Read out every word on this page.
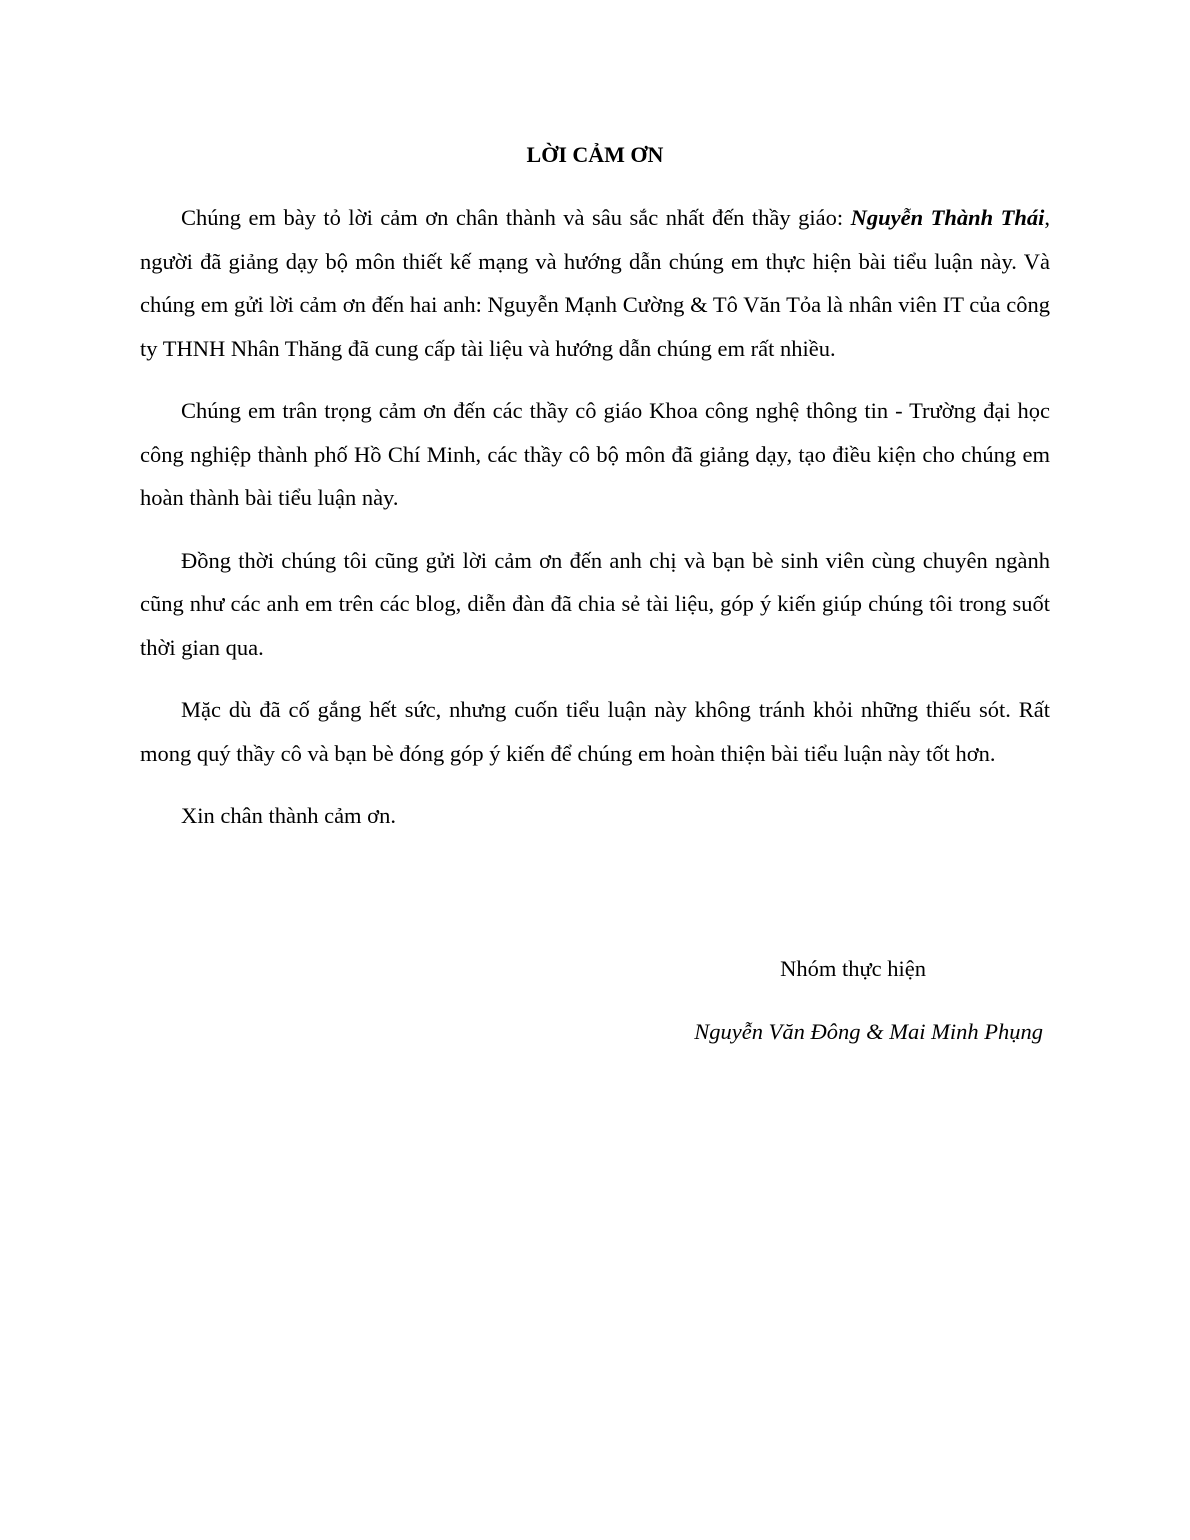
LỜI CẢM ƠN

Chúng em bày tỏ lời cảm ơn chân thành và sâu sắc nhất đến thầy giáo: Nguyễn Thành Thái, người đã giảng dạy bộ môn thiết kế mạng và hướng dẫn chúng em thực hiện bài tiểu luận này. Và chúng em gửi lời cảm ơn đến hai anh: Nguyễn Mạnh Cường & Tô Văn Tỏa là nhân viên IT của công ty THNH Nhân Thăng đã cung cấp tài liệu và hướng dẫn chúng em rất nhiều.

Chúng em trân trọng cảm ơn đến các thầy cô giáo Khoa công nghệ thông tin - Trường đại học công nghiệp thành phố Hồ Chí Minh, các thầy cô bộ môn đã giảng dạy, tạo điều kiện cho chúng em hoàn thành bài tiểu luận này.

Đồng thời chúng tôi cũng gửi lời cảm ơn đến anh chị và bạn bè sinh viên cùng chuyên ngành cũng như các anh em trên các blog, diễn đàn đã chia sẻ tài liệu, góp ý kiến giúp chúng tôi trong suốt thời gian qua.

Mặc dù đã cố gắng hết sức, nhưng cuốn tiểu luận này không tránh khỏi những thiếu sót. Rất mong quý thầy cô và bạn bè đóng góp ý kiến để chúng em hoàn thiện bài tiểu luận này tốt hơn.

Xin chân thành cảm ơn.

Nhóm thực hiện

Nguyễn Văn Đông & Mai Minh Phụng
